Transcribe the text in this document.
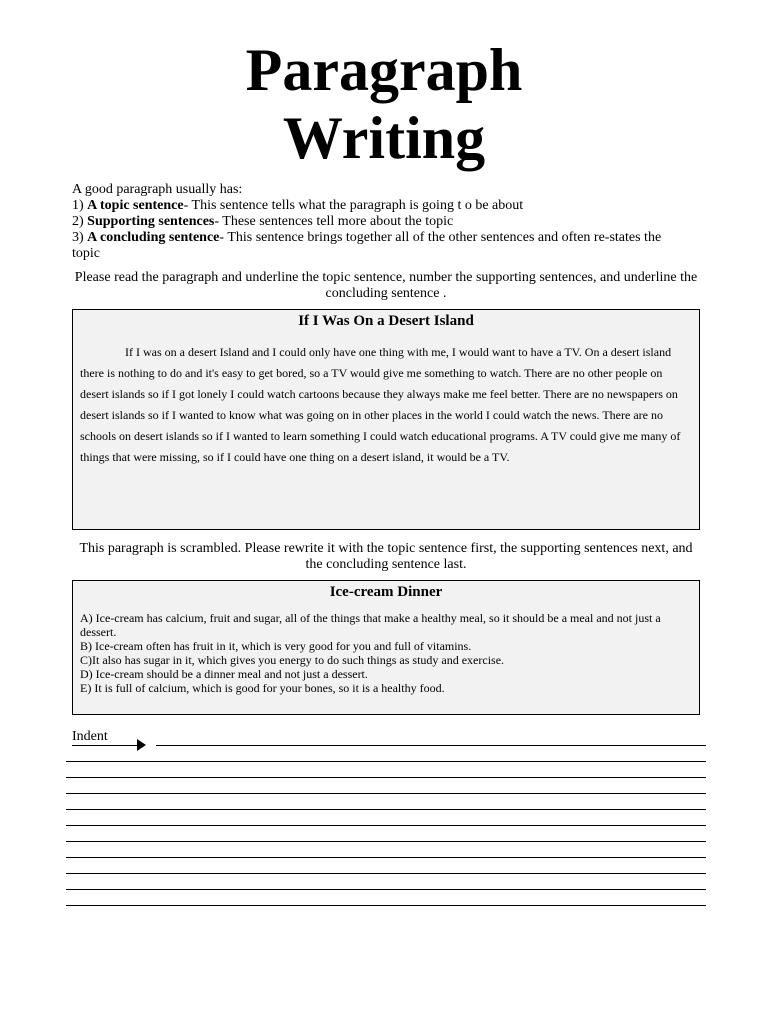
Paragraph
Writing
A good paragraph usually has:
1) A topic sentence- This sentence tells what the paragraph is going t o be about
2) Supporting sentences- These sentences tell more about the topic
3) A concluding sentence- This sentence brings together all of the other sentences and often re-states the topic
Please read the paragraph and underline the topic sentence, number the supporting sentences, and underline the concluding sentence .
If I Was On a Desert Island
If I was on a desert Island and I could only have one thing with me, I would want to have a TV. On a desert island there is nothing to do and it's easy to get bored, so a TV would give me something to watch. There are no other people on desert islands so if I got lonely I could watch cartoons because they always make me feel better. There are no newspapers on desert islands so if I wanted to know what was going on in other places in the world I could watch the news. There are no schools on desert islands so if I wanted to learn something I could watch educational programs. A TV could give me many of things that were missing, so if I could have one thing on a desert island, it would be a TV.
This paragraph is scrambled. Please rewrite it with the topic sentence first, the supporting sentences next, and the concluding sentence last.
Ice-cream Dinner
A) Ice-cream has calcium, fruit and sugar, all of the things that make a healthy meal, so it should be a meal and not just a dessert.
B) Ice-cream often has fruit in it, which is very good for you and full of vitamins.
C)It also has sugar in it, which gives you energy to do such things as study and exercise.
D) Ice-cream should be a dinner meal and not just a dessert.
E) It is full of calcium, which is good for your bones, so it is a healthy food.
Indent
